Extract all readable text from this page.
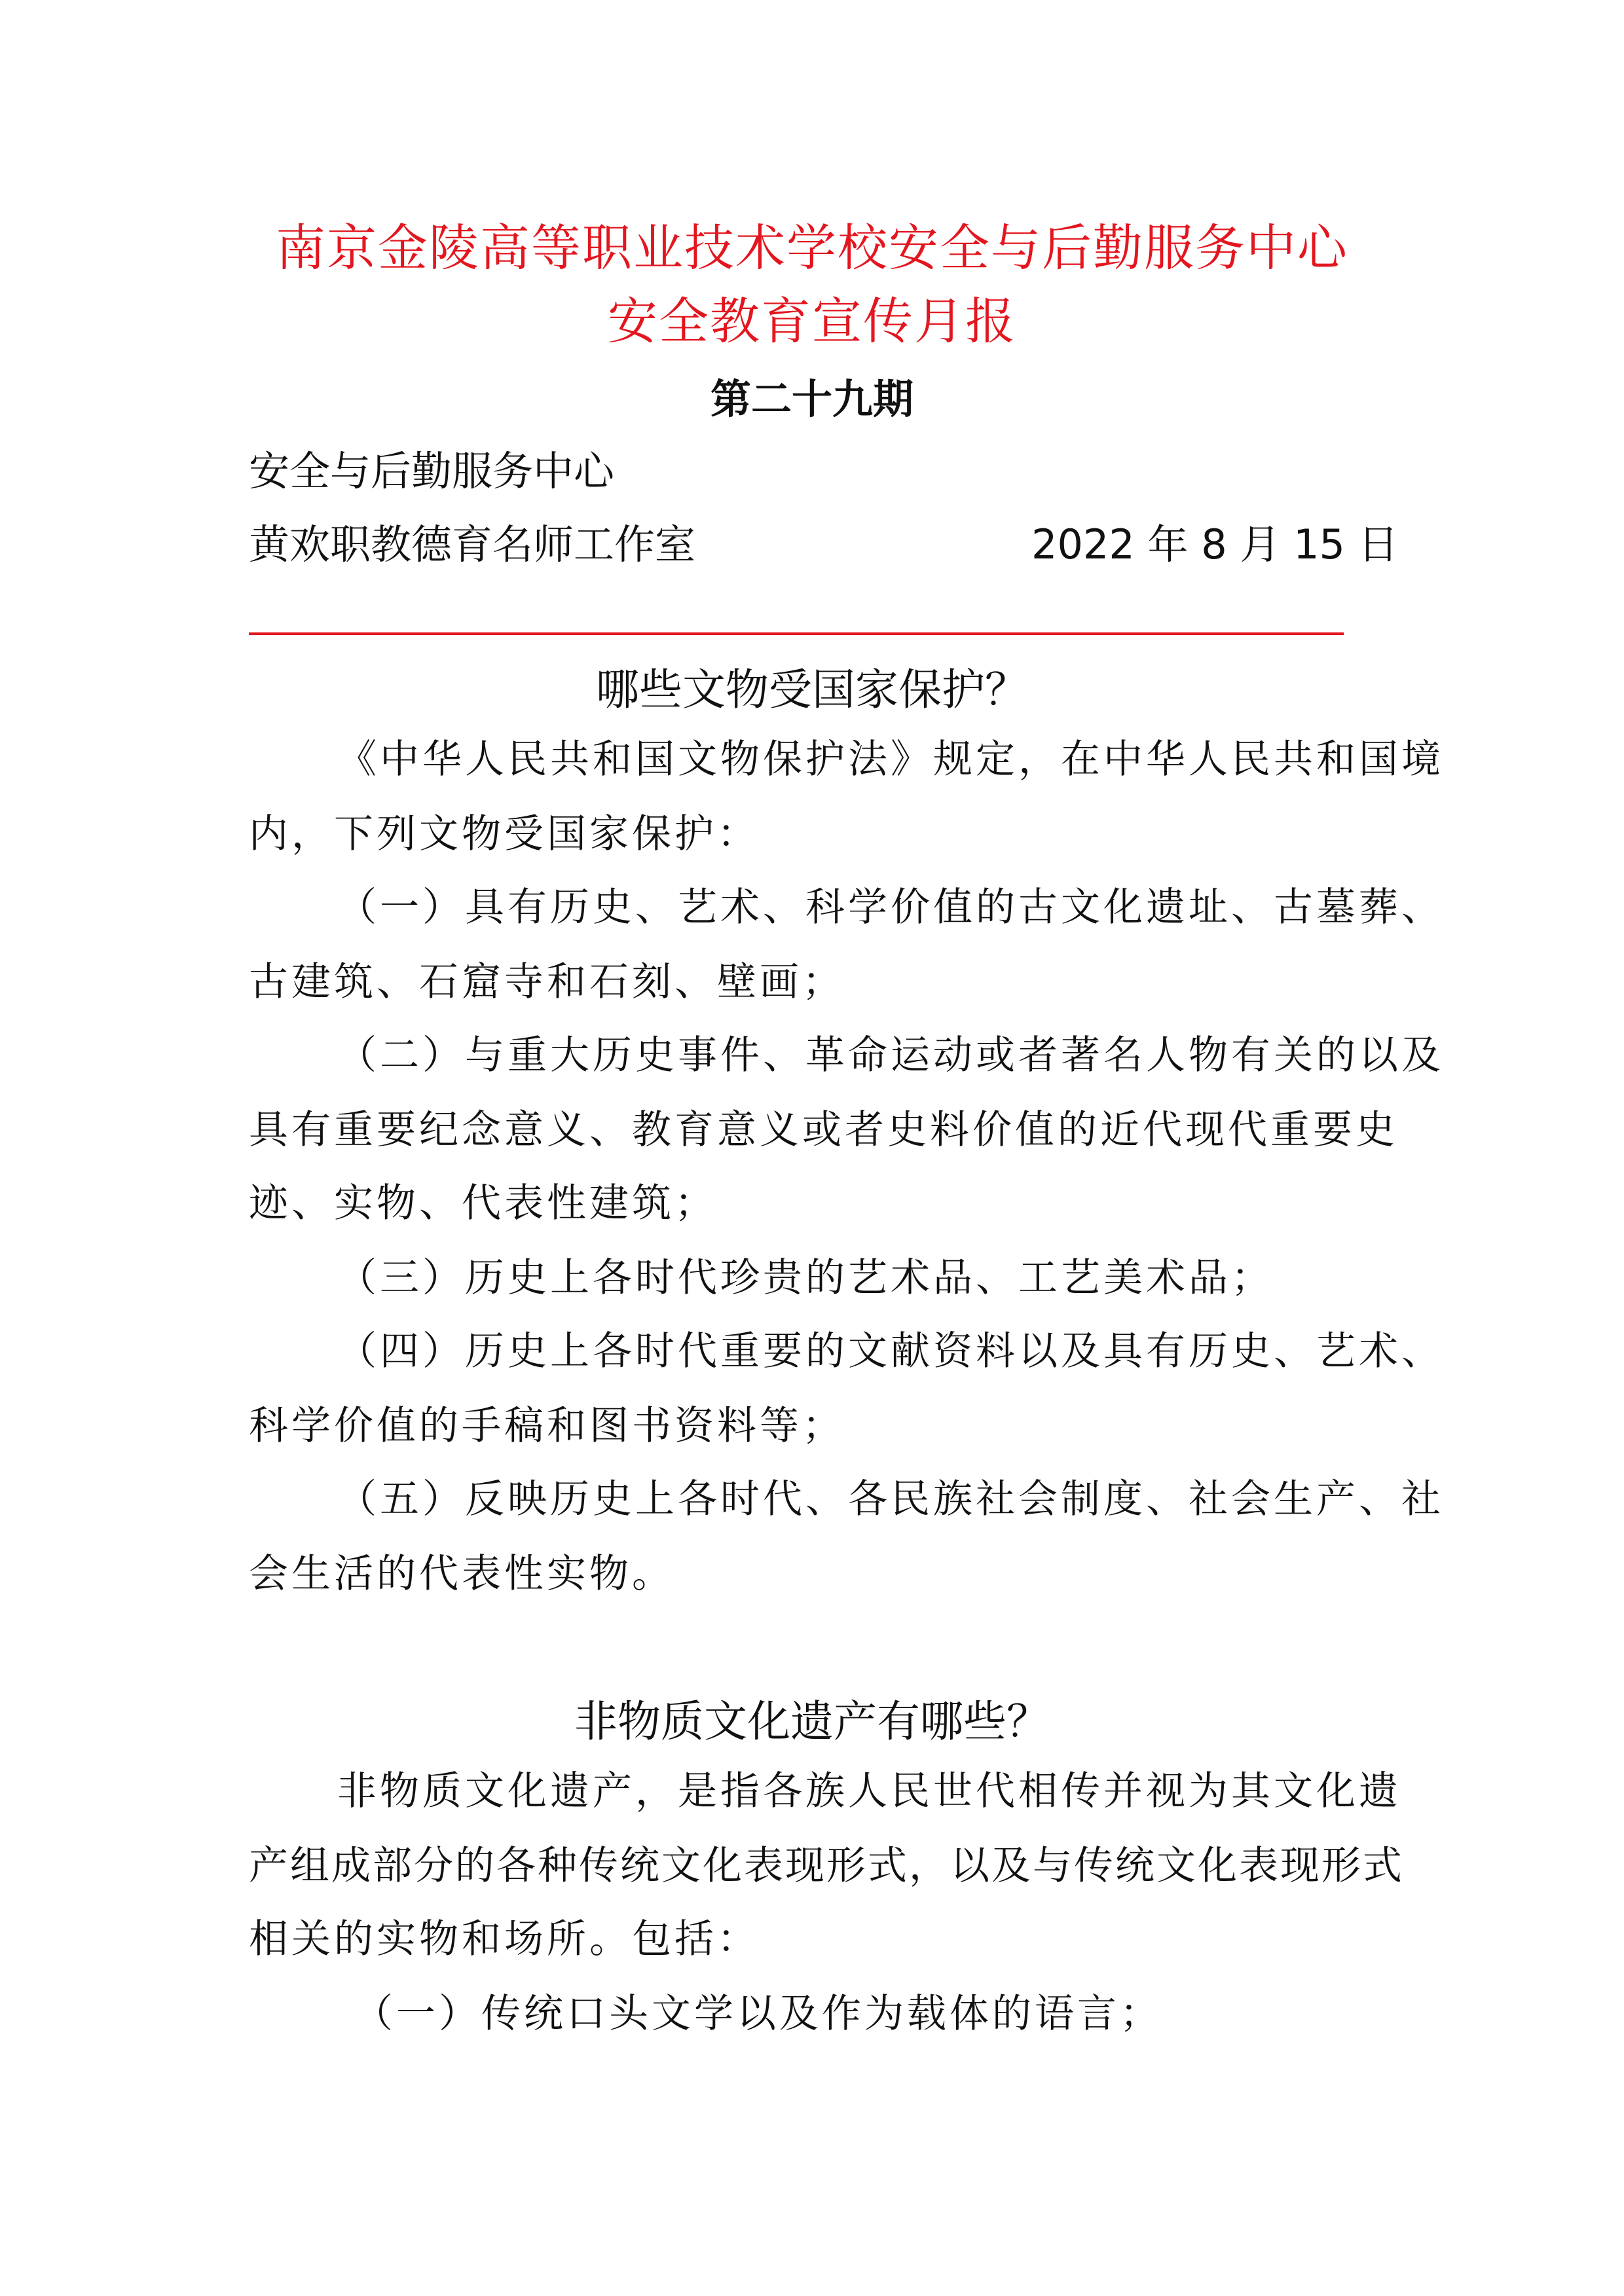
南京金陵高等职业技术学校安全与后勤服务中心
安全教育宣传月报
第二十九期
安全与后勤服务中心
黄欢职教德育名师工作室	2022 年 8 月 15 日
哪些文物受国家保护？
《中华人民共和国文物保护法》规定，在中华人民共和国境
内，下列文物受国家保护：
（一）具有历史、艺术、科学价值的古文化遗址、古墓葬、
古建筑、石窟寺和石刻、壁画；
（二）与重大历史事件、革命运动或者著名人物有关的以及
具有重要纪念意义、教育意义或者史料价值的近代现代重要史
迹、实物、代表性建筑；
（三）历史上各时代珍贵的艺术品、工艺美术品；
（四）历史上各时代重要的文献资料以及具有历史、艺术、
科学价值的手稿和图书资料等；
（五）反映历史上各时代、各民族社会制度、社会生产、社
会生活的代表性实物。
非物质文化遗产有哪些？
非物质文化遗产，是指各族人民世代相传并视为其文化遗
产组成部分的各种传统文化表现形式，以及与传统文化表现形式
相关的实物和场所。包括：
（一）传统口头文学以及作为载体的语言；
